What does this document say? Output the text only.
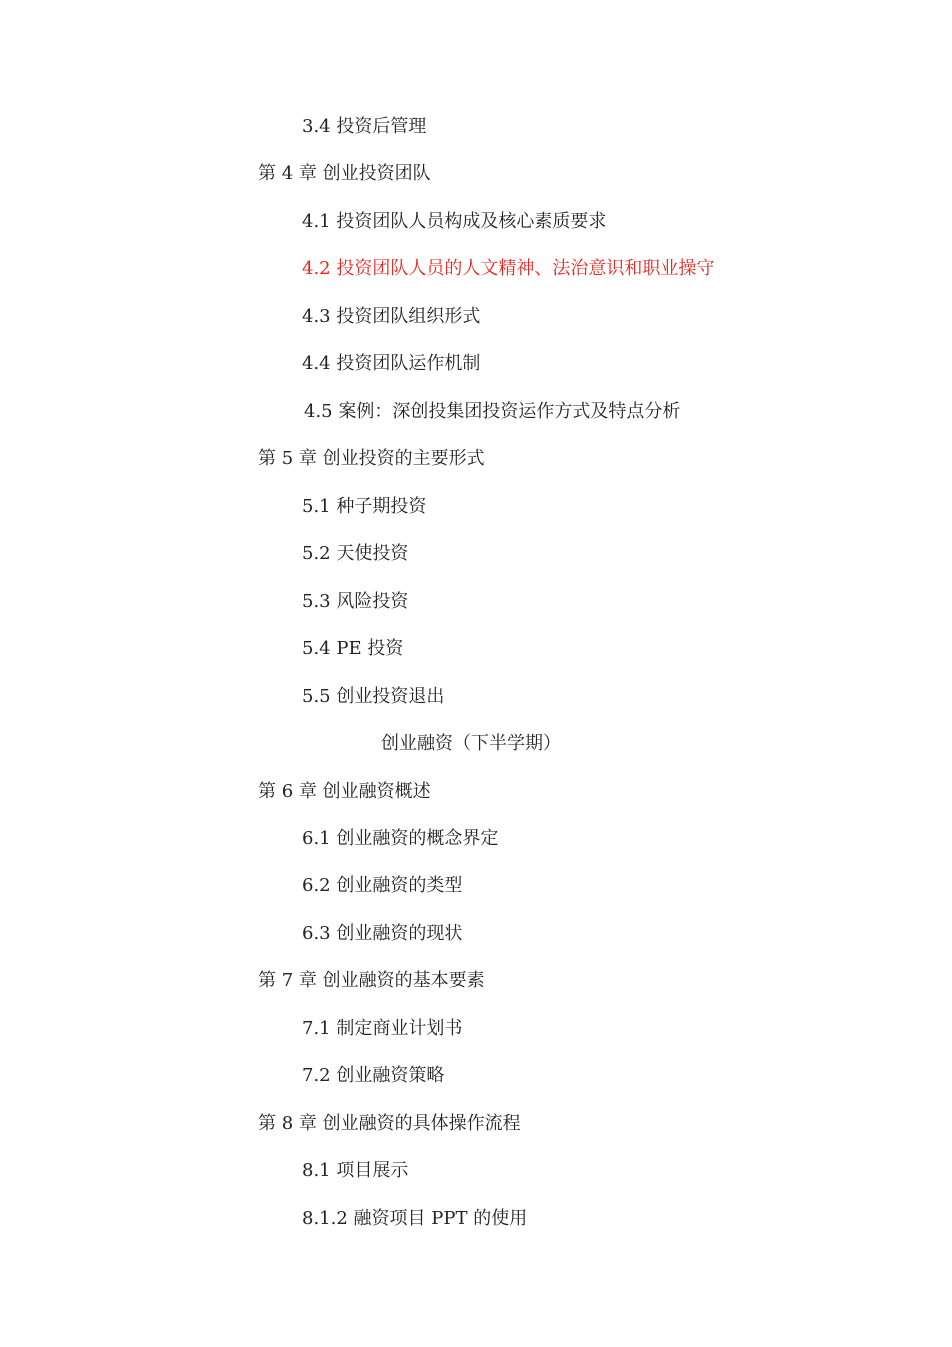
3.4 投资后管理
第 4 章 创业投资团队
4.1 投资团队人员构成及核心素质要求
4.2 投资团队人员的人文精神、法治意识和职业操守
4.3 投资团队组织形式
4.4 投资团队运作机制
4.5 案例：深创投集团投资运作方式及特点分析
第 5 章 创业投资的主要形式
5.1 种子期投资
5.2 天使投资
5.3 风险投资
5.4 PE 投资
5.5 创业投资退出
创业融资（下半学期）
第 6 章 创业融资概述
6.1 创业融资的概念界定
6.2 创业融资的类型
6.3 创业融资的现状
第 7 章 创业融资的基本要素
7.1 制定商业计划书
7.2 创业融资策略
第 8 章 创业融资的具体操作流程
8.1 项目展示
8.1.2 融资项目 PPT 的使用
